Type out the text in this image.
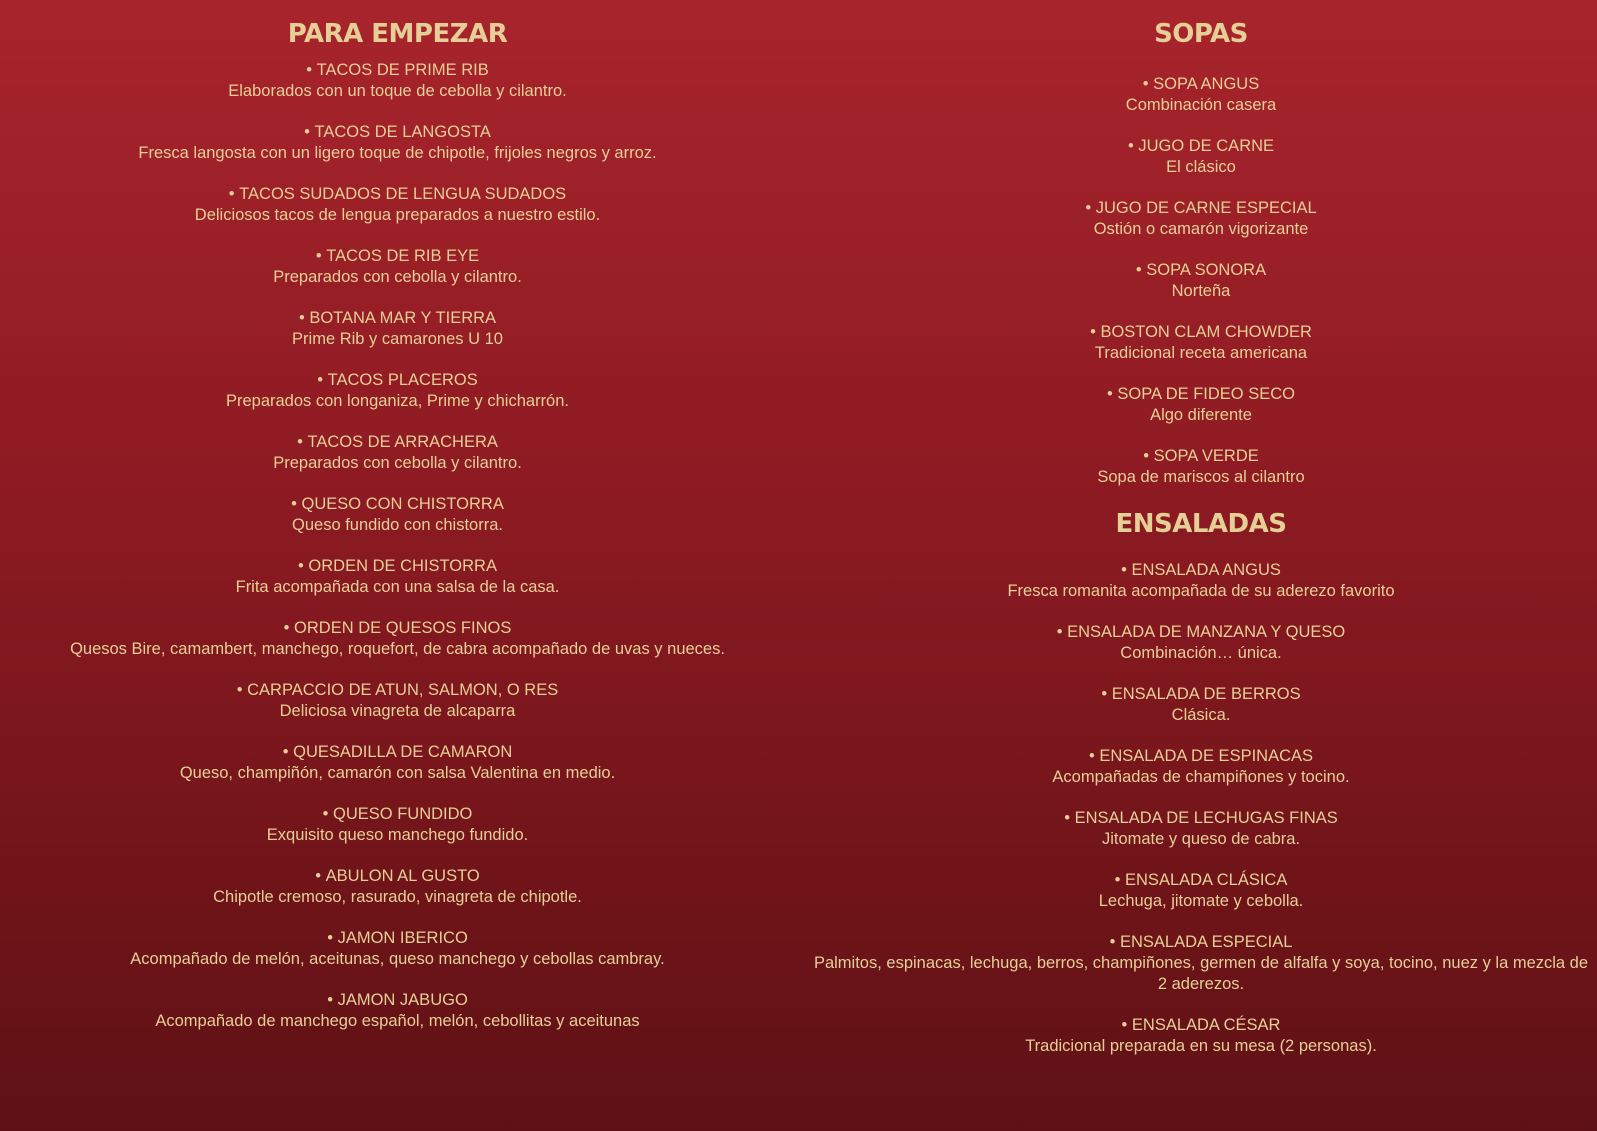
PARA EMPEZAR
• TACOS DE PRIME RIB
Elaborados con un toque de cebolla y cilantro.
• TACOS DE LANGOSTA
Fresca langosta con un ligero toque de chipotle, frijoles negros y arroz.
• TACOS SUDADOS DE LENGUA SUDADOS
Deliciosos tacos de lengua preparados a nuestro estilo.
• TACOS DE RIB EYE
Preparados con cebolla y cilantro.
• BOTANA MAR Y TIERRA
Prime Rib y camarones U 10
• TACOS PLACEROS
Preparados con longaniza, Prime y chicharrón.
• TACOS DE ARRACHERA
Preparados con cebolla y cilantro.
• QUESO CON CHISTORRA
Queso fundido con chistorra.
• ORDEN DE CHISTORRA
Frita acompañada con una salsa de la casa.
• ORDEN DE QUESOS FINOS
Quesos Bire, camambert, manchego, roquefort, de cabra acompañado de uvas y nueces.
• CARPACCIO DE ATUN, SALMON, O RES
Deliciosa vinagreta de alcaparra
• QUESADILLA DE CAMARON
Queso, champiñón, camarón con salsa Valentina en medio.
• QUESO FUNDIDO
Exquisito queso manchego fundido.
• ABULON AL GUSTO
Chipotle cremoso, rasurado, vinagreta de chipotle.
• JAMON IBERICO
Acompañado de melón, aceitunas, queso manchego y cebollas cambray.
• JAMON JABUGO
Acompañado de manchego español, melón, cebollitas y aceitunas
SOPAS
• SOPA ANGUS
Combinación casera
• JUGO DE CARNE
El clásico
• JUGO DE CARNE ESPECIAL
Ostión o camarón vigorizante
• SOPA SONORA
Norteña
• BOSTON CLAM CHOWDER
Tradicional receta americana
• SOPA DE FIDEO SECO
Algo diferente
• SOPA VERDE
Sopa de mariscos al cilantro
ENSALADAS
• ENSALADA ANGUS
Fresca romanita acompañada de su aderezo favorito
• ENSALADA DE MANZANA Y QUESO
Combinación… única.
• ENSALADA DE BERROS
Clásica.
• ENSALADA DE ESPINACAS
Acompañadas de champiñones y tocino.
• ENSALADA DE LECHUGAS FINAS
Jitomate y queso de cabra.
• ENSALADA CLÁSICA
Lechuga, jitomate y cebolla.
• ENSALADA ESPECIAL
Palmitos, espinacas, lechuga, berros, champiñones, germen de alfalfa y soya, tocino, nuez y la mezcla de 2 aderezos.
• ENSALADA CÉSAR
Tradicional preparada en su mesa (2 personas).
